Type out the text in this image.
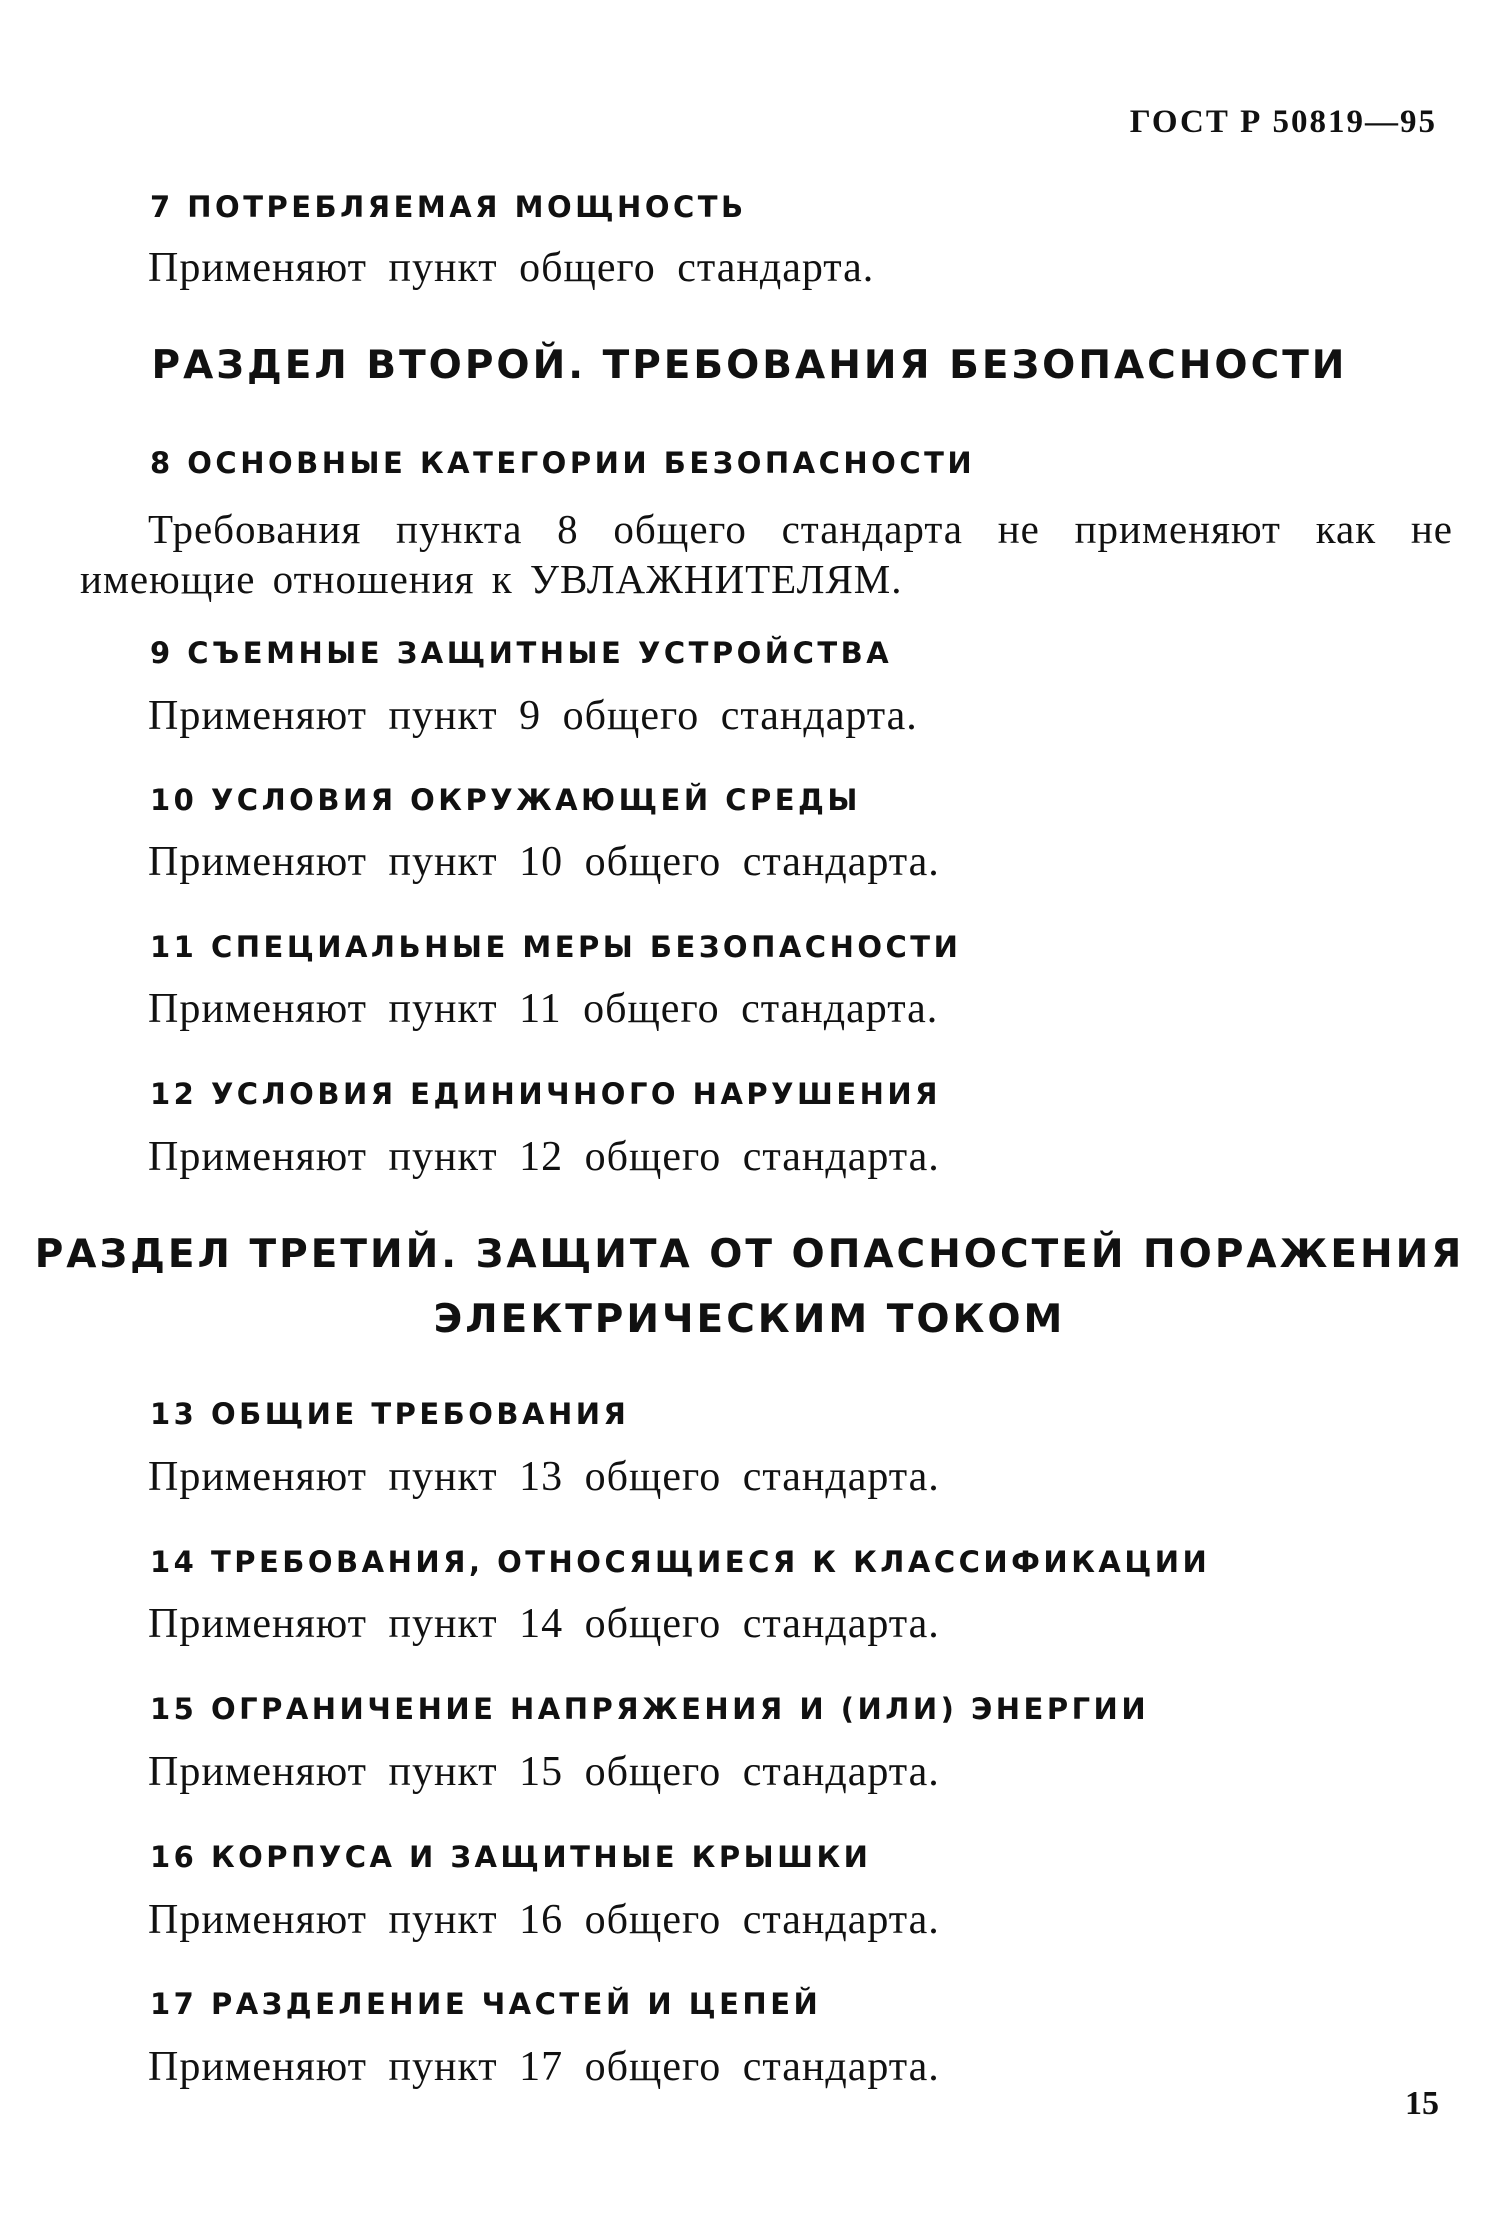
ГОСТ Р 50819—95
7 ПОТРЕБЛЯЕМАЯ МОЩНОСТЬ
Применяют пункт общего стандарта.
РАЗДЕЛ ВТОРОЙ. ТРЕБОВАНИЯ БЕЗОПАСНОСТИ
8 ОСНОВНЫЕ КАТЕГОРИИ БЕЗОПАСНОСТИ
Требования пункта 8 общего стандарта не применяют как не
имеющие отношения к УВЛАЖНИТЕЛЯМ.
9 СЪЕМНЫЕ ЗАЩИТНЫЕ УСТРОЙСТВА
Применяют пункт 9 общего стандарта.
10 УСЛОВИЯ ОКРУЖАЮЩЕЙ СРЕДЫ
Применяют пункт 10 общего стандарта.
11 СПЕЦИАЛЬНЫЕ МЕРЫ БЕЗОПАСНОСТИ
Применяют пункт 11 общего стандарта.
12 УСЛОВИЯ ЕДИНИЧНОГО НАРУШЕНИЯ
Применяют пункт 12 общего стандарта.
РАЗДЕЛ ТРЕТИЙ. ЗАЩИТА ОТ ОПАСНОСТЕЙ ПОРАЖЕНИЯ
ЭЛЕКТРИЧЕСКИМ ТОКОМ
13 ОБЩИЕ ТРЕБОВАНИЯ
Применяют пункт 13 общего стандарта.
14 ТРЕБОВАНИЯ, ОТНОСЯЩИЕСЯ К КЛАССИФИКАЦИИ
Применяют пункт 14 общего стандарта.
15 ОГРАНИЧЕНИЕ НАПРЯЖЕНИЯ И (ИЛИ) ЭНЕРГИИ
Применяют пункт 15 общего стандарта.
16 КОРПУСА И ЗАЩИТНЫЕ КРЫШКИ
Применяют пункт 16 общего стандарта.
17 РАЗДЕЛЕНИЕ ЧАСТЕЙ И ЦЕПЕЙ
Применяют пункт 17 общего стандарта.
15
